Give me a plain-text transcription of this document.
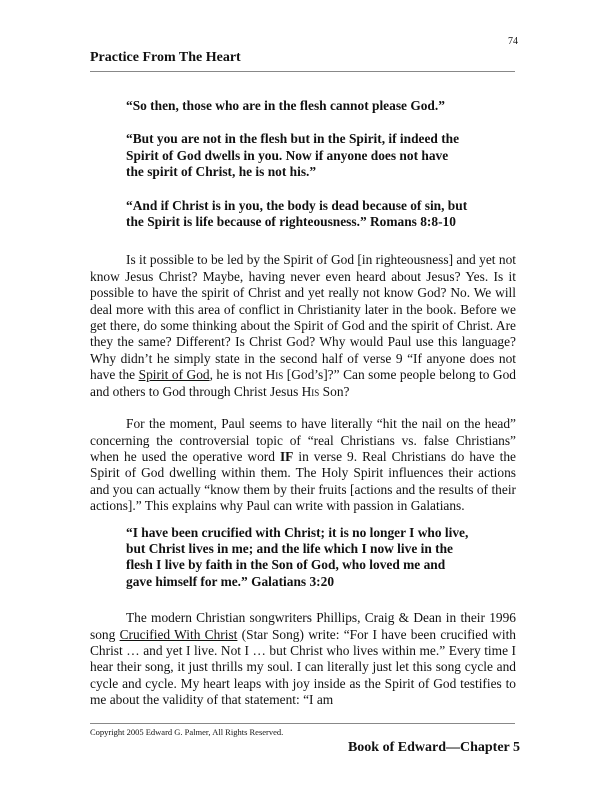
74
Practice From The Heart

“So then, those who are in the flesh cannot please God.”

“But you are not in the flesh but in the Spirit, if indeed the
Spirit of God dwells in you. Now if anyone does not have
the spirit of Christ, he is not his.”

“And if Christ is in you, the body is dead because of sin, but
the Spirit is life because of righteousness.” Romans 8:8-10

Is it possible to be led by the Spirit of God [in righteousness] and yet not know Jesus Christ? Maybe, having never even heard about Jesus? Yes. Is it possible to have the spirit of Christ and yet really not know God? No. We will deal more with this area of conflict in Christianity later in the book. Before we get there, do some thinking about the Spirit of God and the spirit of Christ. Are they the same? Different? Is Christ God? Why would Paul use this language? Why didn’t he simply state in the second half of verse 9 “If anyone does not have the Spirit of God, he is not His [God’s]?” Can some people belong to God and others to God through Christ Jesus His Son?

For the moment, Paul seems to have literally “hit the nail on the head” concerning the controversial topic of “real Christians vs. false Christians” when he used the operative word IF in verse 9. Real Christians do have the Spirit of God dwelling within them. The Holy Spirit influences their actions and you can actually “know them by their fruits [actions and the results of their actions].” This explains why Paul can write with passion in Galatians.

“I have been crucified with Christ; it is no longer I who live,
but Christ lives in me; and the life which I now live in the
flesh I live by faith in the Son of God, who loved me and
gave himself for me.” Galatians 3:20

The modern Christian songwriters Phillips, Craig & Dean in their 1996 song Crucified With Christ (Star Song) write: “For I have been crucified with Christ … and yet I live. Not I … but Christ who lives within me.” Every time I hear their song, it just thrills my soul. I can literally just let this song cycle and cycle and cycle. My heart leaps with joy inside as the Spirit of God testifies to me about the validity of that statement: “I am

Copyright 2005 Edward G. Palmer, All Rights Reserved.
Book of Edward—Chapter 5
